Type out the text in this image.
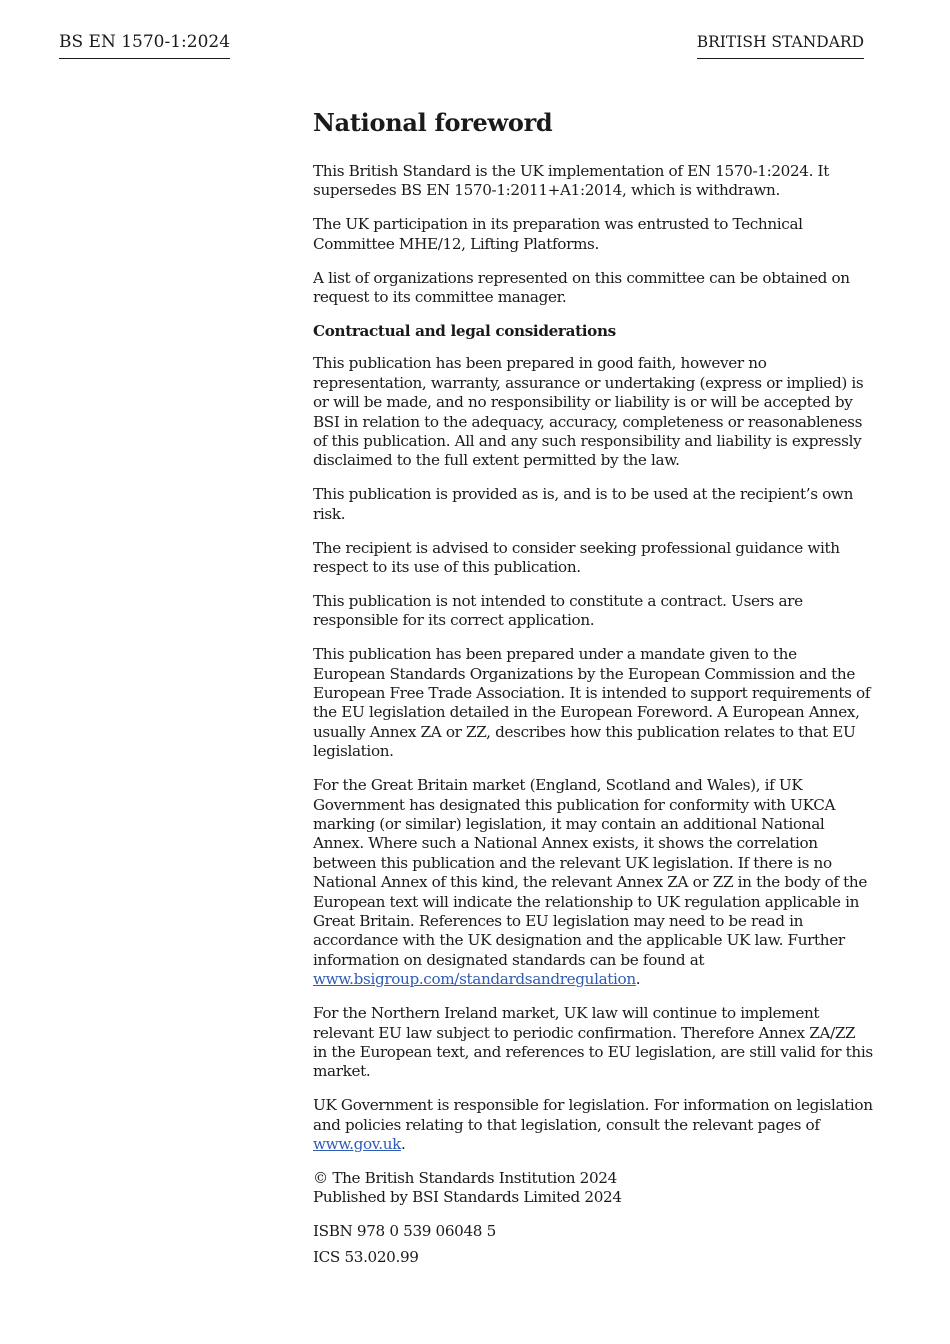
BS EN 1570-1:2024	BRITISH STANDARD
National foreword

This British Standard is the UK implementation of EN 1570-1:2024. It supersedes BS EN 1570-1:2011+A1:2014, which is withdrawn.

The UK participation in its preparation was entrusted to Technical Committee MHE/12, Lifting Platforms.

A list of organizations represented on this committee can be obtained on request to its committee manager.

Contractual and legal considerations

This publication has been prepared in good faith, however no representation, warranty, assurance or undertaking (express or implied) is or will be made, and no responsibility or liability is or will be accepted by BSI in relation to the adequacy, accuracy, completeness or reasonableness of this publication. All and any such responsibility and liability is expressly disclaimed to the full extent permitted by the law.

This publication is provided as is, and is to be used at the recipient’s own risk.

The recipient is advised to consider seeking professional guidance with respect to its use of this publication.

This publication is not intended to constitute a contract. Users are responsible for its correct application.

This publication has been prepared under a mandate given to the European Standards Organizations by the European Commission and the European Free Trade Association. It is intended to support requirements of the EU legislation detailed in the European Foreword. A European Annex, usually Annex ZA or ZZ, describes how this publication relates to that EU legislation.

For the Great Britain market (England, Scotland and Wales), if UK Government has designated this publication for conformity with UKCA marking (or similar) legislation, it may contain an additional National Annex. Where such a National Annex exists, it shows the correlation between this publication and the relevant UK legislation. If there is no National Annex of this kind, the relevant Annex ZA or ZZ in the body of the European text will indicate the relationship to UK regulation applicable in Great Britain. References to EU legislation may need to be read in accordance with the UK designation and the applicable UK law. Further information on designated standards can be found at www.bsigroup.com/standardsandregulation.

For the Northern Ireland market, UK law will continue to implement relevant EU law subject to periodic confirmation. Therefore Annex ZA/ZZ in the European text, and references to EU legislation, are still valid for this market.

UK Government is responsible for legislation. For information on legislation and policies relating to that legislation, consult the relevant pages of www.gov.uk.

© The British Standards Institution 2024
Published by BSI Standards Limited 2024

ISBN 978 0 539 06048 5

ICS 53.020.99
